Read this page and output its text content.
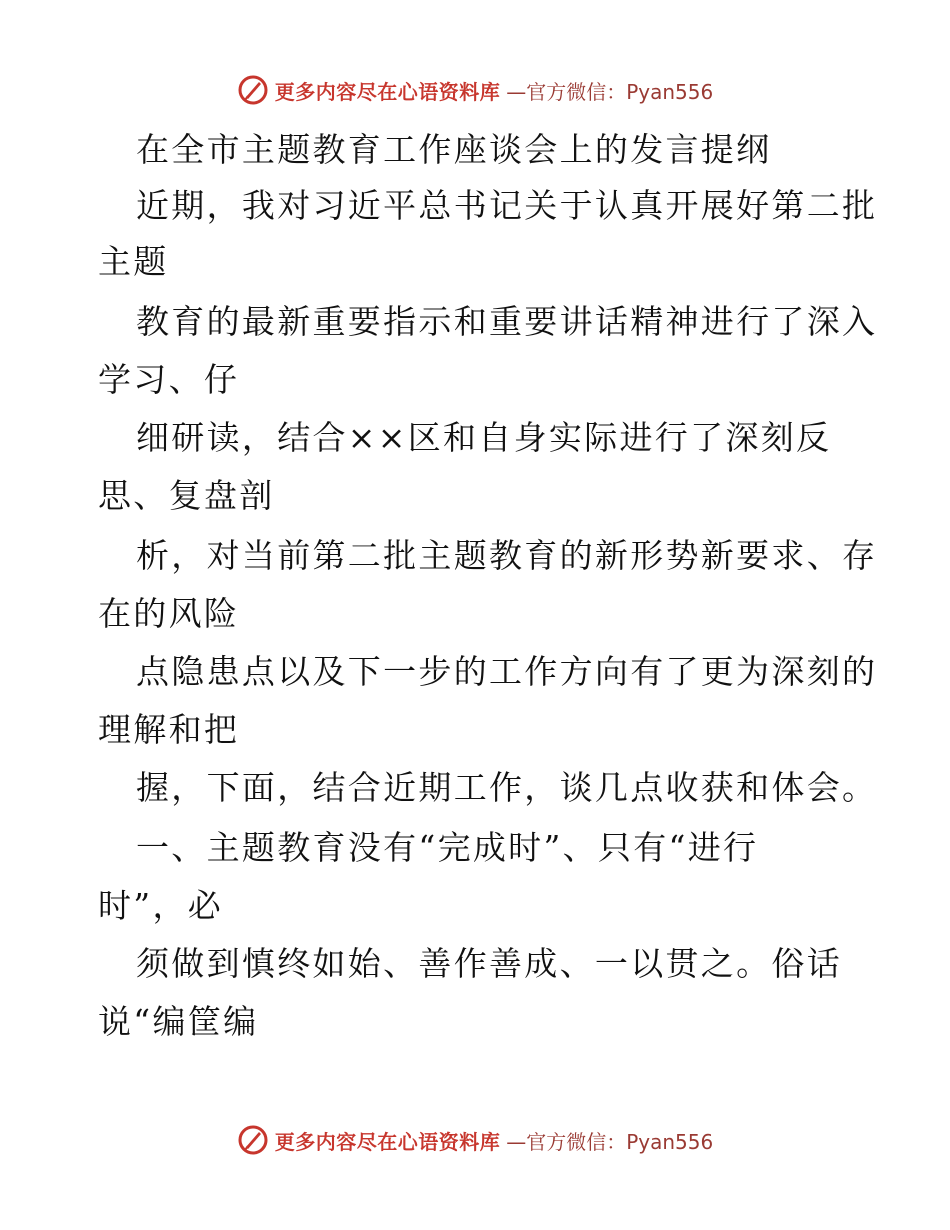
更多内容尽在心语资料库 —官方微信：Pyan556
在全市主题教育工作座谈会上的发言提纲
近期，我对习近平总书记关于认真开展好第二批
主题
教育的最新重要指示和重要讲话精神进行了深入
学习、仔
细研读，结合××区和自身实际进行了深刻反
思、复盘剖
析，对当前第二批主题教育的新形势新要求、存
在的风险
点隐患点以及下一步的工作方向有了更为深刻的
理解和把
握，下面，结合近期工作，谈几点收获和体会。
一、主题教育没有“完成时”、只有“进行
时”，必
须做到慎终如始、善作善成、一以贯之。俗话
说“编筐编
更多内容尽在心语资料库 —官方微信：Pyan556
